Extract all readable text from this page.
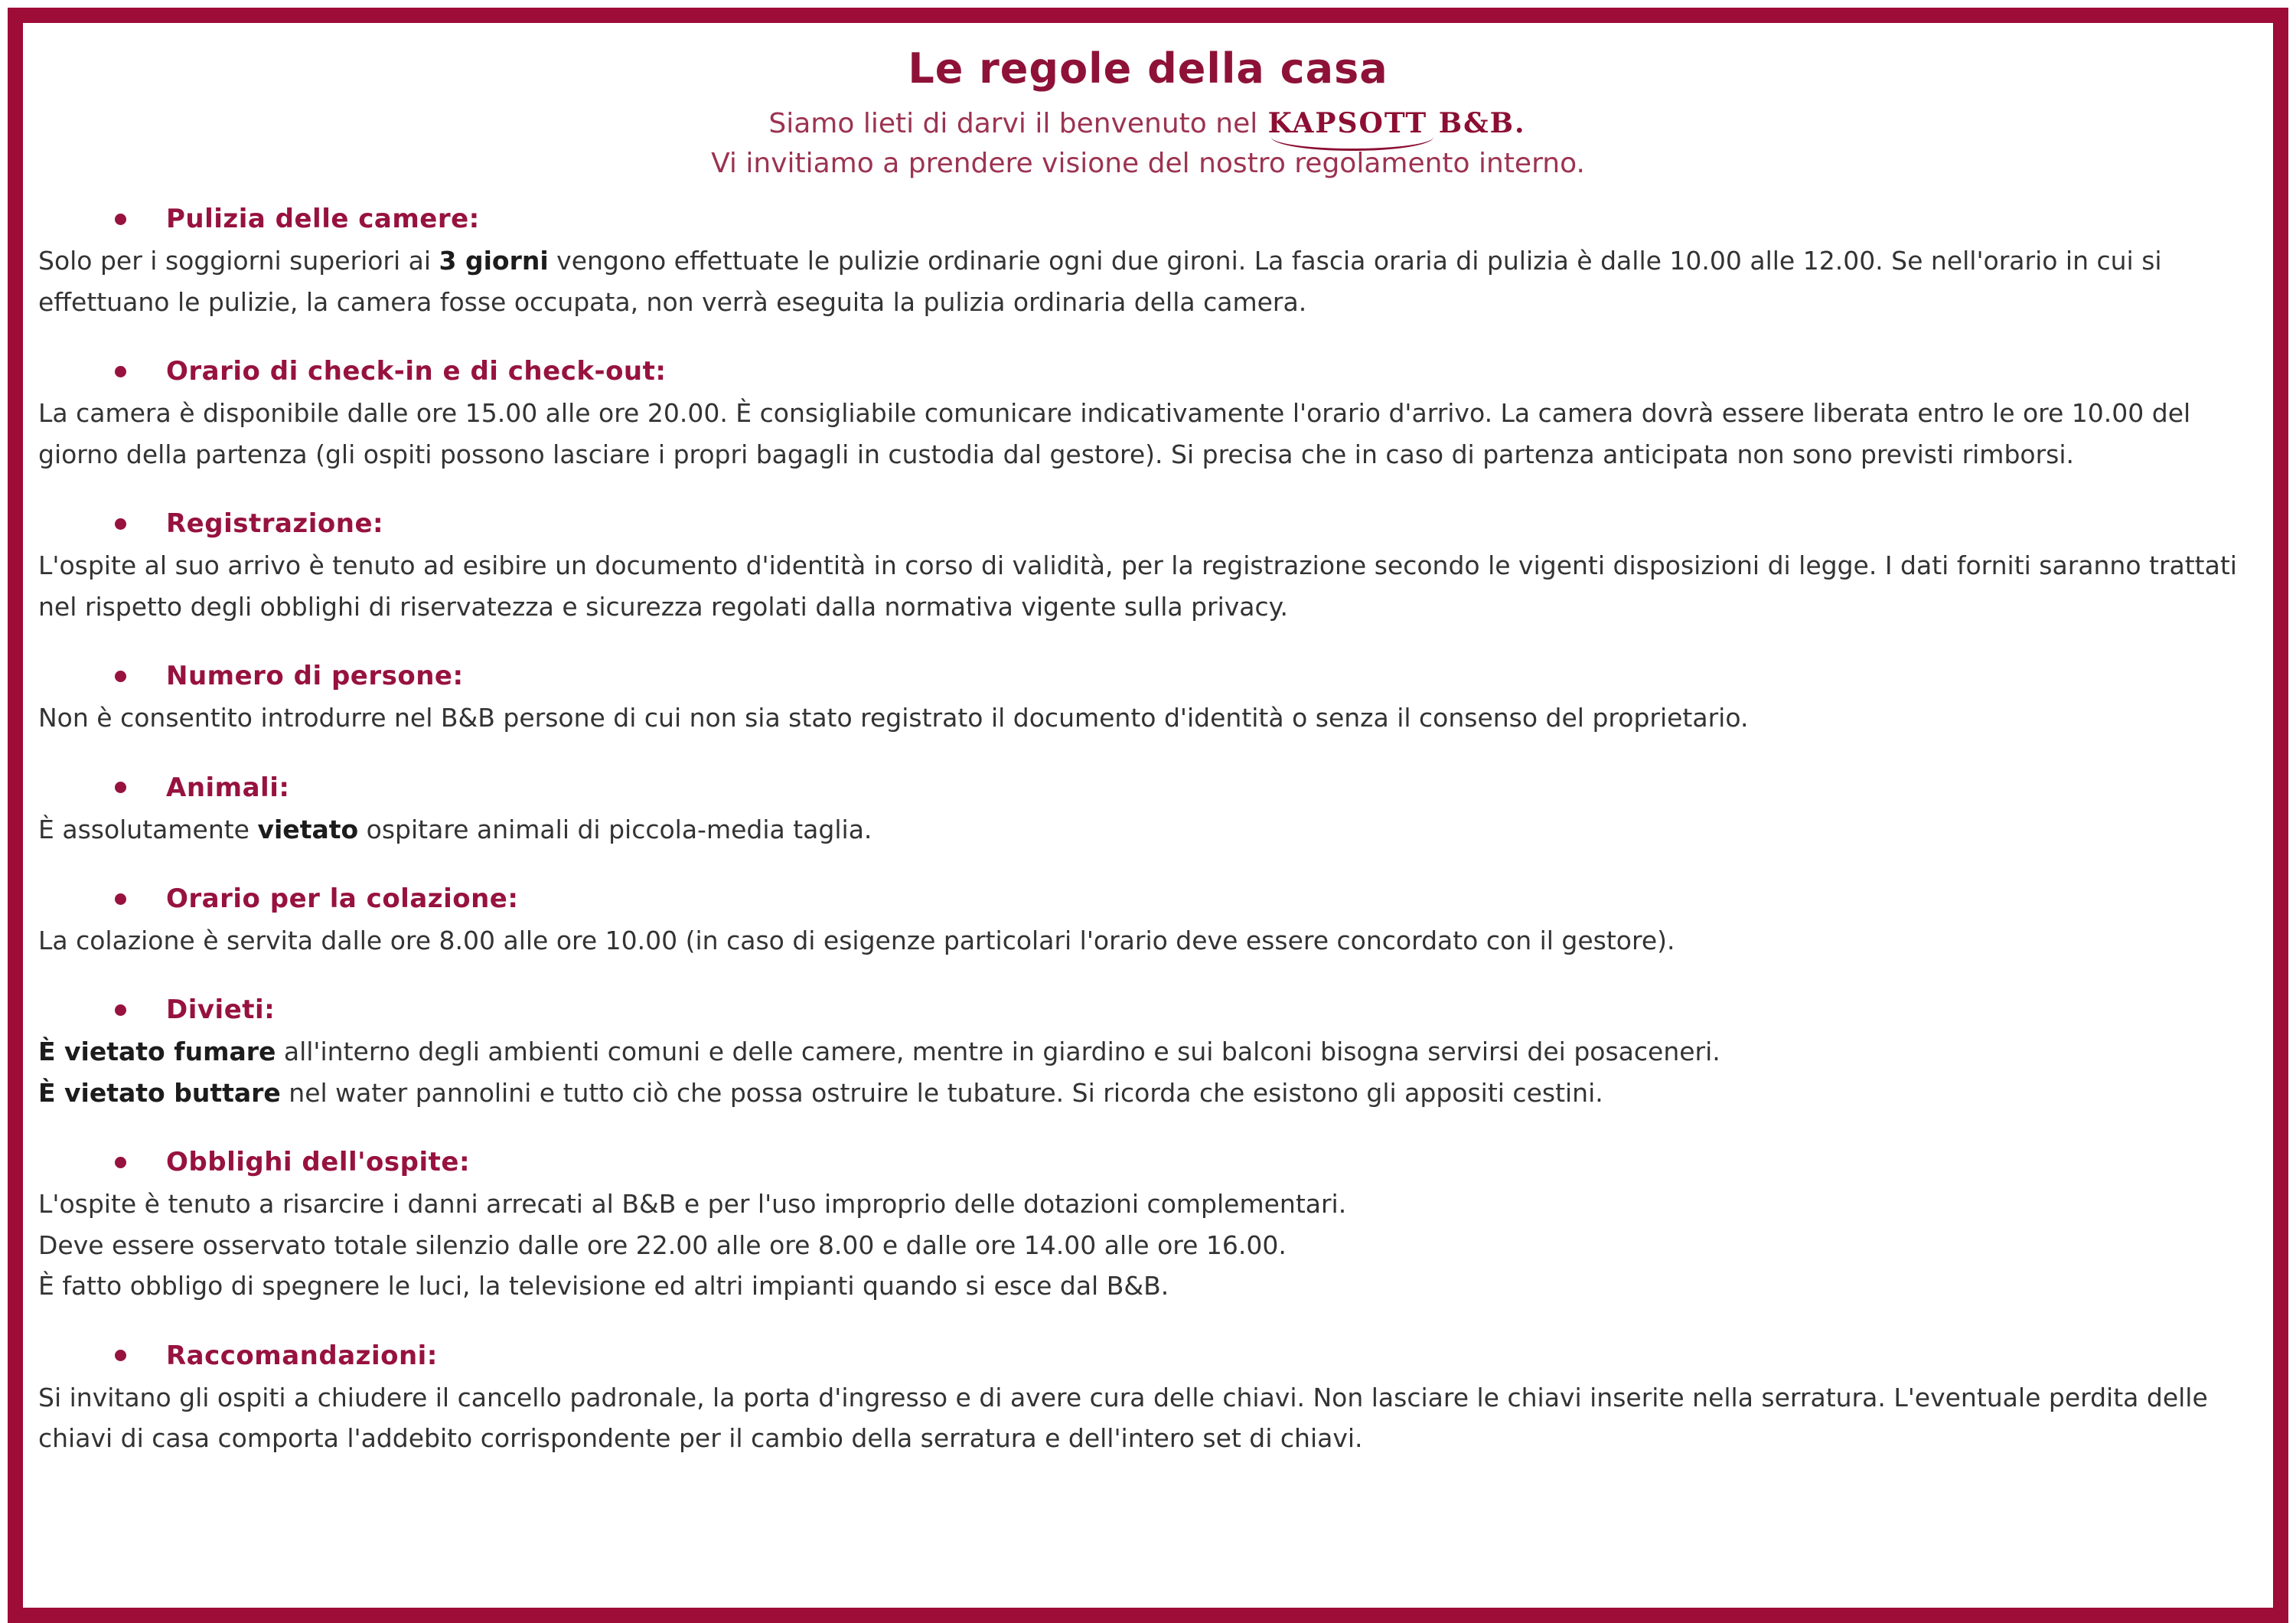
Le regole della casa
Siamo lieti di darvi il benvenuto nel KAPSOTT B&B.
Vi invitiamo a prendere visione del nostro regolamento interno.
Pulizia delle camere:

Solo per i soggiorni superiori ai 3 giorni vengono effettuate le pulizie ordinarie ogni due gironi. La fascia oraria di pulizia è dalle 10.00 alle 12.00. Se nell'orario in cui si effettuano le pulizie, la camera fosse occupata, non verrà eseguita la pulizia ordinaria della camera.

Orario di check-in e di check-out:

La camera è disponibile dalle ore 15.00 alle ore 20.00. È consigliabile comunicare indicativamente l'orario d'arrivo. La camera dovrà essere liberata entro le ore 10.00 del giorno della partenza (gli ospiti possono lasciare i propri bagagli in custodia dal gestore). Si precisa che in caso di partenza anticipata non sono previsti rimborsi.

Registrazione:

L'ospite al suo arrivo è tenuto ad esibire un documento d'identità in corso di validità, per la registrazione secondo le vigenti disposizioni di legge. I dati forniti saranno trattati nel rispetto degli obblighi di riservatezza e sicurezza regolati dalla normativa vigente sulla privacy.

Numero di persone:

Non è consentito introdurre nel B&B persone di cui non sia stato registrato il documento d'identità o senza il consenso del proprietario.

Animali:

È assolutamente vietato ospitare animali di piccola-media taglia.

Orario per la colazione:

La colazione è servita dalle ore 8.00 alle ore 10.00 (in caso di esigenze particolari l'orario deve essere concordato con il gestore).

Divieti:

È vietato fumare all'interno degli ambienti comuni e delle camere, mentre in giardino e sui balconi bisogna servirsi dei posaceneri.

È vietato buttare nel water pannolini e tutto ciò che possa ostruire le tubature. Si ricorda che esistono gli appositi cestini.

Obblighi dell'ospite:

L'ospite è tenuto a risarcire i danni arrecati al B&B e per l'uso improprio delle dotazioni complementari.

Deve essere osservato totale silenzio dalle ore 22.00 alle ore 8.00 e dalle ore 14.00 alle ore 16.00.

È fatto obbligo di spegnere le luci, la televisione ed altri impianti quando si esce dal B&B.

Raccomandazioni:

Si invitano gli ospiti a chiudere il cancello padronale, la porta d'ingresso e di avere cura delle chiavi. Non lasciare le chiavi inserite nella serratura. L'eventuale perdita delle chiavi di casa comporta l'addebito corrispondente per il cambio della serratura e dell'intero set di chiavi.
